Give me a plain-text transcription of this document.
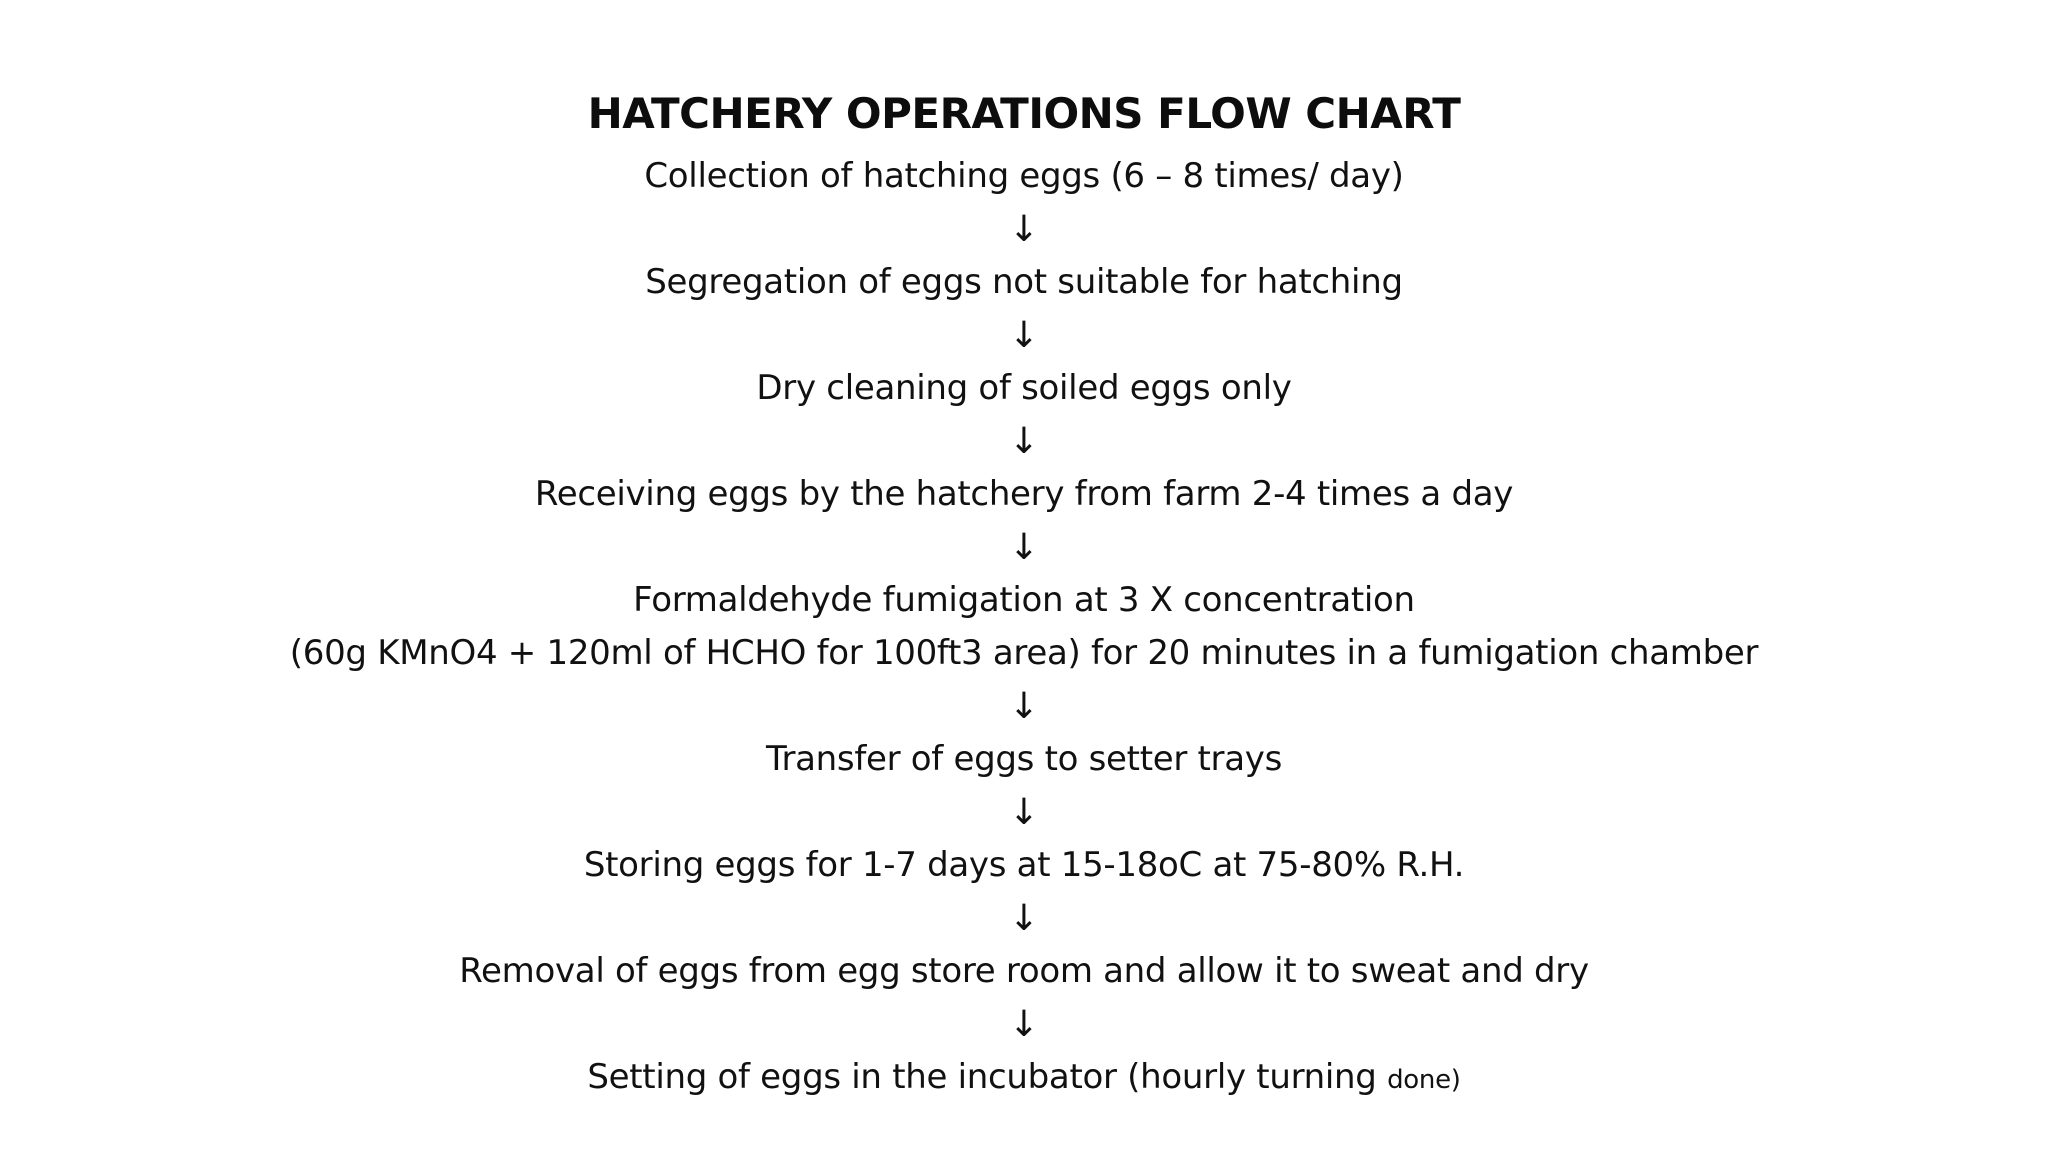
HATCHERY OPERATIONS FLOW CHART
Collection of hatching eggs (6 – 8 times/ day)
↓
Segregation of eggs not suitable for hatching
↓
Dry cleaning of soiled eggs only
↓
Receiving eggs by the hatchery from farm 2-4 times a day
↓
Formaldehyde fumigation at 3 X concentration
(60g KMnO4 + 120ml of HCHO for 100ft3 area) for 20 minutes in a fumigation chamber
↓
Transfer of eggs to setter trays
↓
Storing eggs for 1-7 days at 15-18oC at 75-80% R.H.
↓
Removal of eggs from egg store room and allow it to sweat and dry
↓
Setting of eggs in the incubator (hourly turning done)
